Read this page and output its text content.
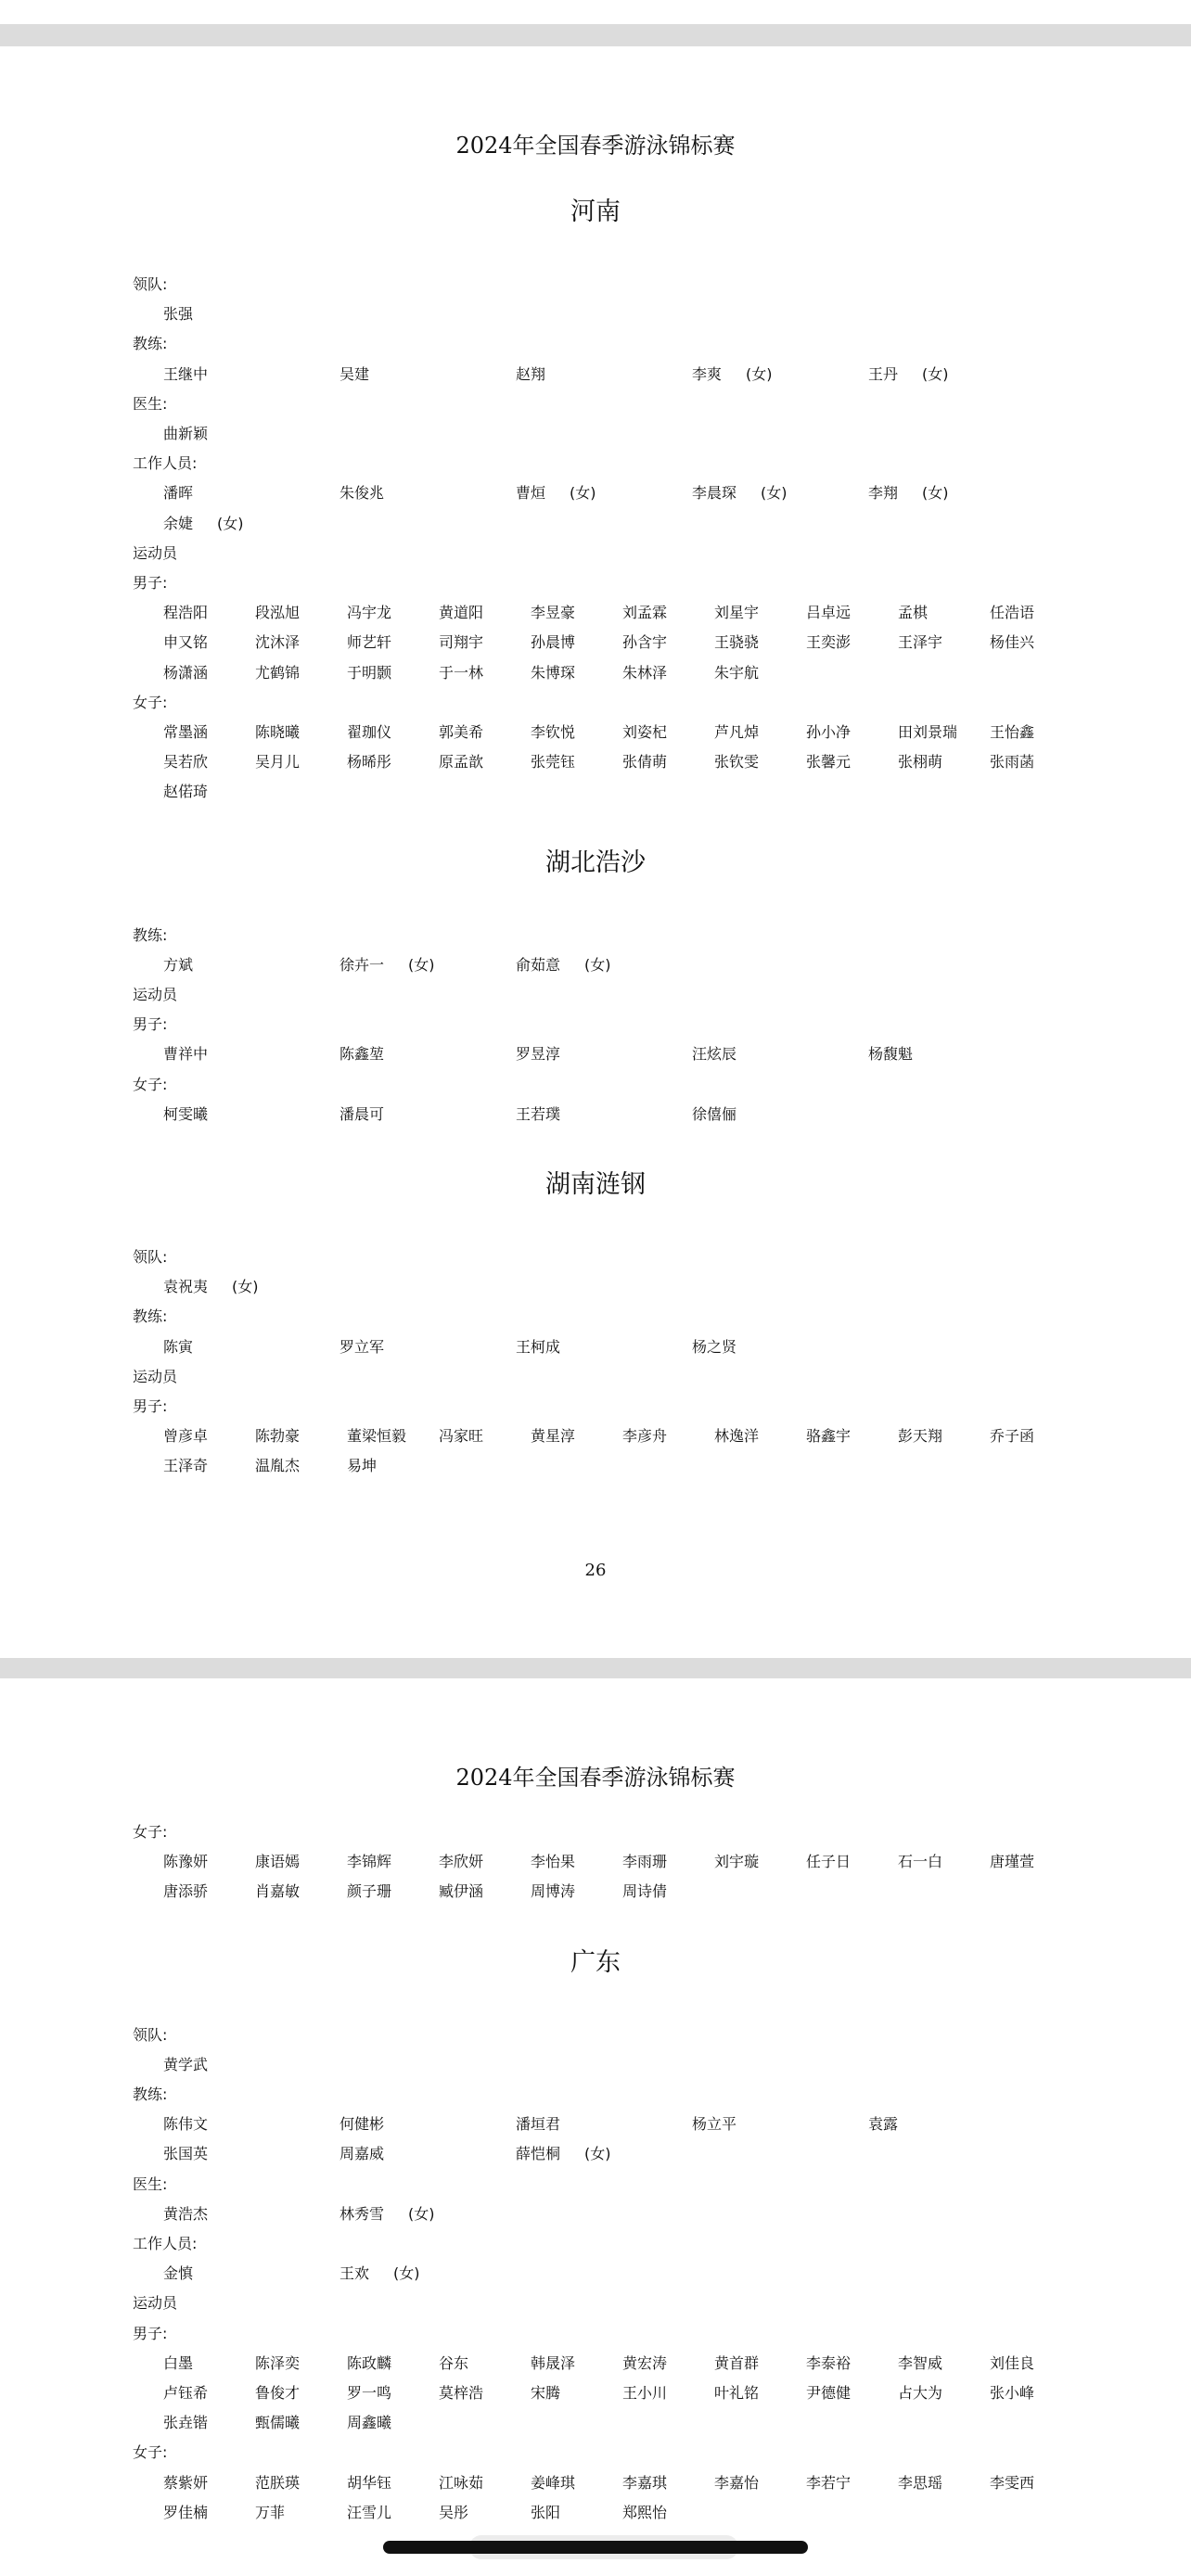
2024年全国春季游泳锦标赛
河南
领队:
张强
教练:
王继中	吴建	赵翔	李爽 (女)	王丹 (女)
医生:
曲新颖
工作人员:
潘晖	朱俊兆	曹烜 (女)	李晨琛 (女)	李翔 (女)
余婕 (女)
运动员
男子:
程浩阳	段泓旭	冯宇龙	黄道阳	李昱豪	刘孟霖	刘星宇	吕卓远	孟棋	任浩语
申又铭	沈沐泽	师艺轩	司翔宇	孙晨博	孙含宇	王骁骁	王奕澎	王泽宇	杨佳兴
杨潇涵	尤鹤锦	于明颢	于一林	朱博琛	朱林泽	朱宇航
女子:
常墨涵	陈晓曦	翟珈仪	郭美希	李钦悦	刘姿杞	芦凡焯	孙小净	田刘景瑞 王怡鑫
吴若欣	吴月儿	杨晞彤	原孟歆	张莞钰	张倩萌	张钦雯	张馨元	张栩萌	张雨菡
赵偌琦
湖北浩沙
教练:
方斌	徐卉一 (女)	俞茹意 (女)
运动员
男子:
曹祥中	陈鑫堃	罗昱淳	汪炫辰	杨馥魁
女子:
柯雯曦	潘晨可	王若璞	徐僖俪
湖南涟钢
领队:
袁祝夷 (女)
教练:
陈寅	罗立军	王柯成	杨之贤
运动员
男子:
曾彦卓	陈勃豪	董梁恒毅 冯家旺	黄星淳	李彦舟	林逸洋	骆鑫宇	彭天翔	乔子函
王泽奇	温胤杰	易坤
26
2024年全国春季游泳锦标赛
女子:
陈豫妍	康语嫣	李锦辉	李欣妍	李怡果	李雨珊	刘宇璇	任子日	石一白	唐瑾萱
唐添骄	肖嘉敏	颜子珊	臧伊涵	周博涛	周诗倩
广东
领队:
黄学武
教练:
陈伟文	何健彬	潘垣君	杨立平	袁露
张国英	周嘉威	薛恺桐 (女)
医生:
黄浩杰	林秀雪 (女)
工作人员:
金慎	王欢 (女)
运动员
男子:
白墨	陈泽奕	陈政麟	谷东	韩晟泽	黄宏涛	黄首群	李泰裕	李智威	刘佳良
卢钰希	鲁俊才	罗一鸣	莫梓浩	宋腾	王小川	叶礼铭	尹德健	占大为	张小峰
张垚锴	甄儒曦	周鑫曦
女子:
蔡紫妍	范朕瑛	胡华钰	江咏茹	姜峰琪	李嘉琪	李嘉怡	李若宁	李思瑶	李雯西
罗佳楠	万菲	汪雪儿	吴彤	张阳	郑熙怡
